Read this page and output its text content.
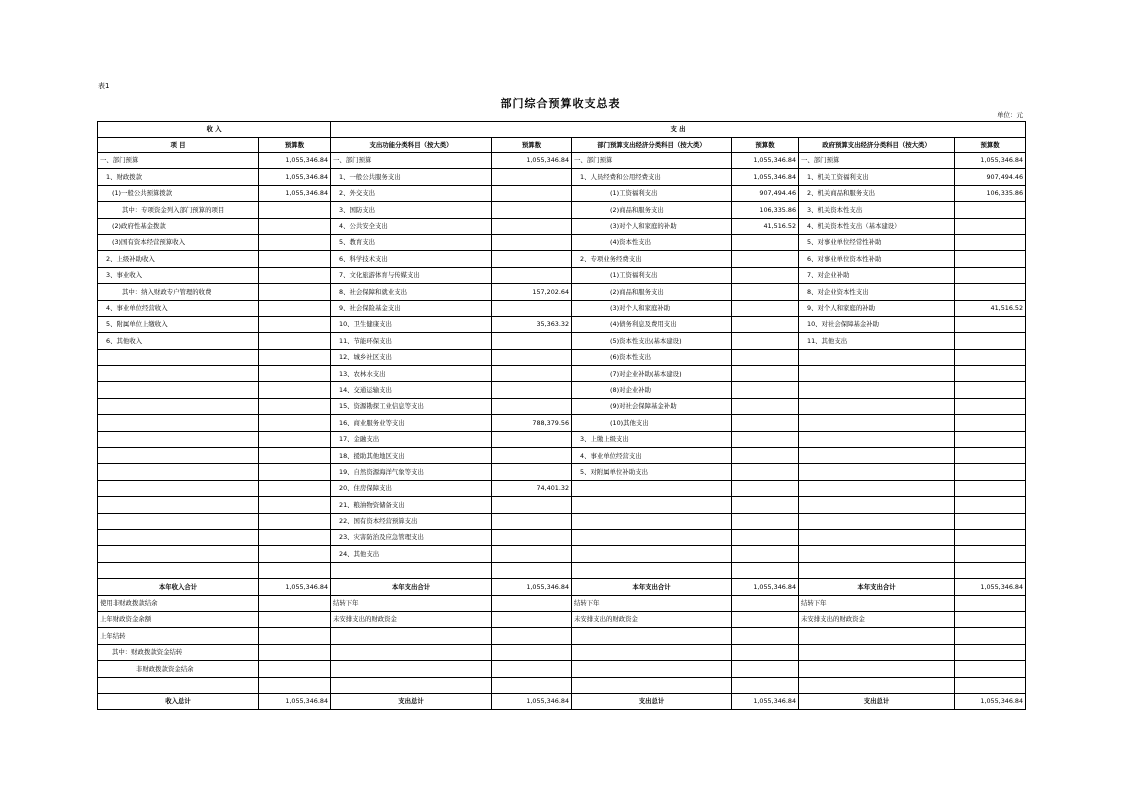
表1
部门综合预算收支总表
单位：元
收 入		支 出					
项 目	预算数	支出功能分类科目（按大类）	预算数	部门预算支出经济分类科目（按大类）	预算数	政府预算支出经济分类科目（按大类）	预算数
一、部门预算	1,055,346.84	一、部门预算	1,055,346.84	一、部门预算	1,055,346.84	一、部门预算	1,055,346.84
1、财政拨款	1,055,346.84	1、一般公共服务支出		1、人员经费和公用经费支出	1,055,346.84	1、机关工资福利支出	907,494.46
(1)一般公共预算拨款	1,055,346.84	2、外交支出		(1)工资福利支出	907,494.46	2、机关商品和服务支出	106,335.86
其中：专项资金列入部门预算的项目		3、国防支出		(2)商品和服务支出	106,335.86	3、机关资本性支出	
(2)政府性基金拨款		4、公共安全支出		(3)对个人和家庭的补助	41,516.52	4、机关资本性支出（基本建设）	
(3)国有资本经营预算收入		5、教育支出		(4)资本性支出		5、对事业单位经常性补助	
2、上级补助收入		6、科学技术支出		2、专项业务经费支出		6、对事业单位资本性补助	
3、事业收入		7、文化旅游体育与传媒支出		(1)工资福利支出		7、对企业补助	
其中：纳入财政专户管理的收费		8、社会保障和就业支出	157,202.64	(2)商品和服务支出		8、对企业资本性支出	
4、事业单位经营收入		9、社会保险基金支出		(3)对个人和家庭补助		9、对个人和家庭的补助	41,516.52
5、附属单位上缴收入		10、卫生健康支出	35,363.32	(4)债务利息及费用支出		10、对社会保障基金补助	
6、其他收入		11、节能环保支出		(5)资本性支出(基本建设)		11、其他支出	
		12、城乡社区支出		(6)资本性支出			
		13、农林水支出		(7)对企业补助(基本建设)			
		14、交通运输支出		(8)对企业补助			
		15、资源勘探工业信息等支出		(9)对社会保障基金补助			
		16、商业服务业等支出	788,379.56	(10)其他支出			
		17、金融支出		3、上缴上级支出			
		18、援助其他地区支出		4、事业单位经营支出			
		19、自然资源海洋气象等支出		5、对附属单位补助支出			
		20、住房保障支出	74,401.32				
		21、粮油物资储备支出					
		22、国有资本经营预算支出					
		23、灾害防治及应急管理支出					
		24、其他支出					

本年收入合计	1,055,346.84	本年支出合计	1,055,346.84	本年支出合计	1,055,346.84	本年支出合计	1,055,346.84
使用非财政拨款结余		结转下年		结转下年		结转下年	
上年财政资金余额		未安排支出的财政资金		未安排支出的财政资金		未安排支出的财政资金	
上年结转							
其中：财政拨款资金结转							
非财政拨款资金结余							

收入总计	1,055,346.84	支出总计	1,055,346.84	支出总计	1,055,346.84	支出总计	1,055,346.84
